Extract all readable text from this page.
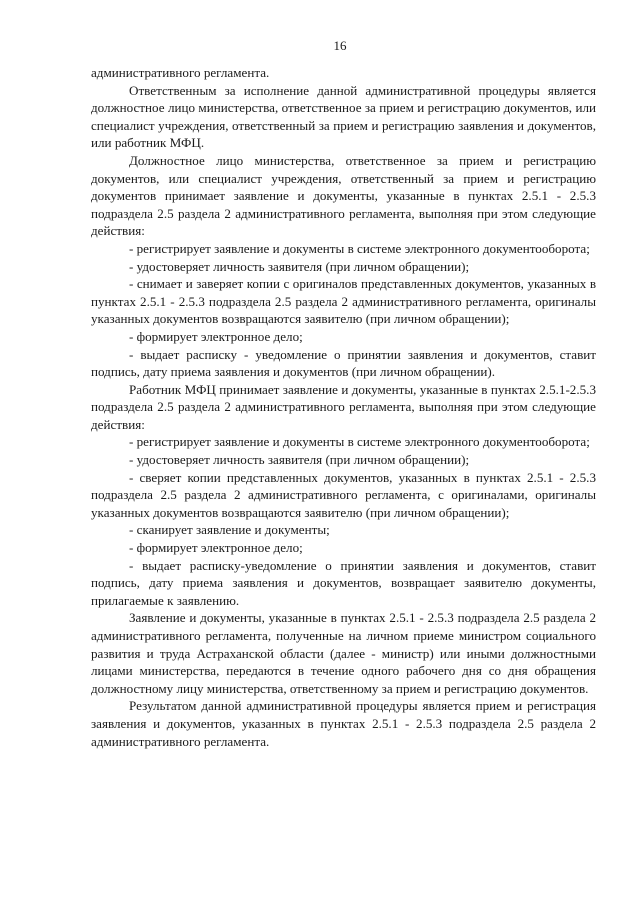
16

административного регламента.

Ответственным за исполнение данной административной процедуры является должностное лицо министерства, ответственное за прием и регистрацию документов, или специалист учреждения, ответственный за прием и регистрацию заявления и документов, или работник МФЦ.

Должностное лицо министерства, ответственное за прием и регистрацию документов, или специалист учреждения, ответственный за прием и регистрацию документов принимает заявление и документы, указанные в пунктах 2.5.1 - 2.5.3 подраздела 2.5 раздела 2 административного регламента, выполняя при этом следующие действия:

- регистрирует заявление и документы в системе электронного документооборота;

- удостоверяет личность заявителя (при личном обращении);

- снимает и заверяет копии с оригиналов представленных документов, указанных в пунктах 2.5.1 - 2.5.3 подраздела 2.5 раздела 2 административного регламента, оригиналы указанных документов возвращаются заявителю (при личном обращении);

- формирует электронное дело;

- выдает расписку - уведомление о принятии заявления и документов, ставит подпись, дату приема заявления и документов (при личном обращении).

Работник МФЦ принимает заявление и документы, указанные в пунктах 2.5.1-2.5.3 подраздела 2.5 раздела 2 административного регламента, выполняя при этом следующие действия:

- регистрирует заявление и документы в системе электронного документооборота;

- удостоверяет личность заявителя (при личном обращении);

- сверяет копии представленных документов, указанных в пунктах 2.5.1 - 2.5.3 подраздела 2.5 раздела 2 административного регламента, с оригиналами, оригиналы указанных документов возвращаются заявителю (при личном обращении);

- сканирует заявление и документы;

- формирует электронное дело;

- выдает расписку-уведомление о принятии заявления и документов, ставит подпись, дату приема заявления и документов, возвращает заявителю документы, прилагаемые к заявлению.

Заявление и документы, указанные в пунктах 2.5.1 - 2.5.3 подраздела 2.5 раздела 2 административного регламента, полученные на личном приеме министром социального развития и труда Астраханской области (далее - министр) или иными должностными лицами министерства, передаются в течение одного рабочего дня со дня обращения должностному лицу министерства, ответственному за прием и регистрацию документов.

Результатом данной административной процедуры является прием и регистрация заявления и документов, указанных в пунктах 2.5.1 - 2.5.3 подраздела 2.5 раздела 2 административного регламента.
